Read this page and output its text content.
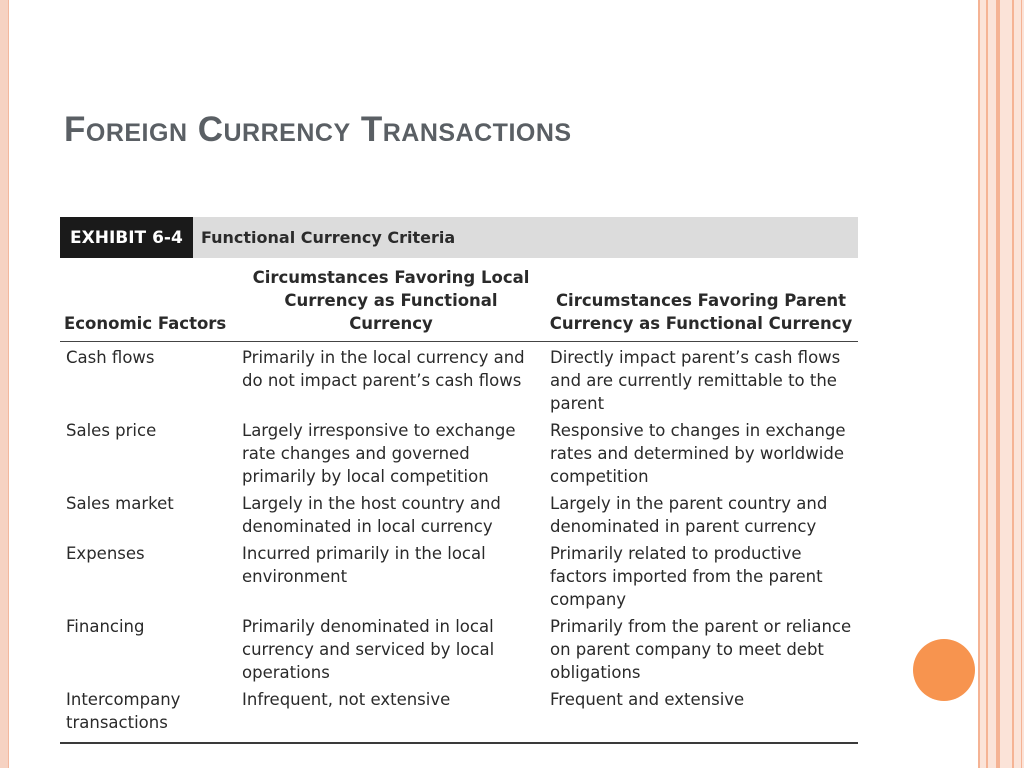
Foreign Currency Transactions
EXHIBIT 6-4	Functional Currency Criteria
Economic Factors	Circumstances Favoring Local Currency as Functional Currency	Circumstances Favoring Parent Currency as Functional Currency
Cash flows	Primarily in the local currency and do not impact parent’s cash flows	Directly impact parent’s cash flows and are currently remittable to the parent
Sales price	Largely irresponsive to exchange rate changes and governed primarily by local competition	Responsive to changes in exchange rates and determined by worldwide competition
Sales market	Largely in the host country and denominated in local currency	Largely in the parent country and denominated in parent currency
Expenses	Incurred primarily in the local environment	Primarily related to productive factors imported from the parent company
Financing	Primarily denominated in local currency and serviced by local operations	Primarily from the parent or reliance on parent company to meet debt obligations
Intercompany transactions	Infrequent, not extensive	Frequent and extensive
